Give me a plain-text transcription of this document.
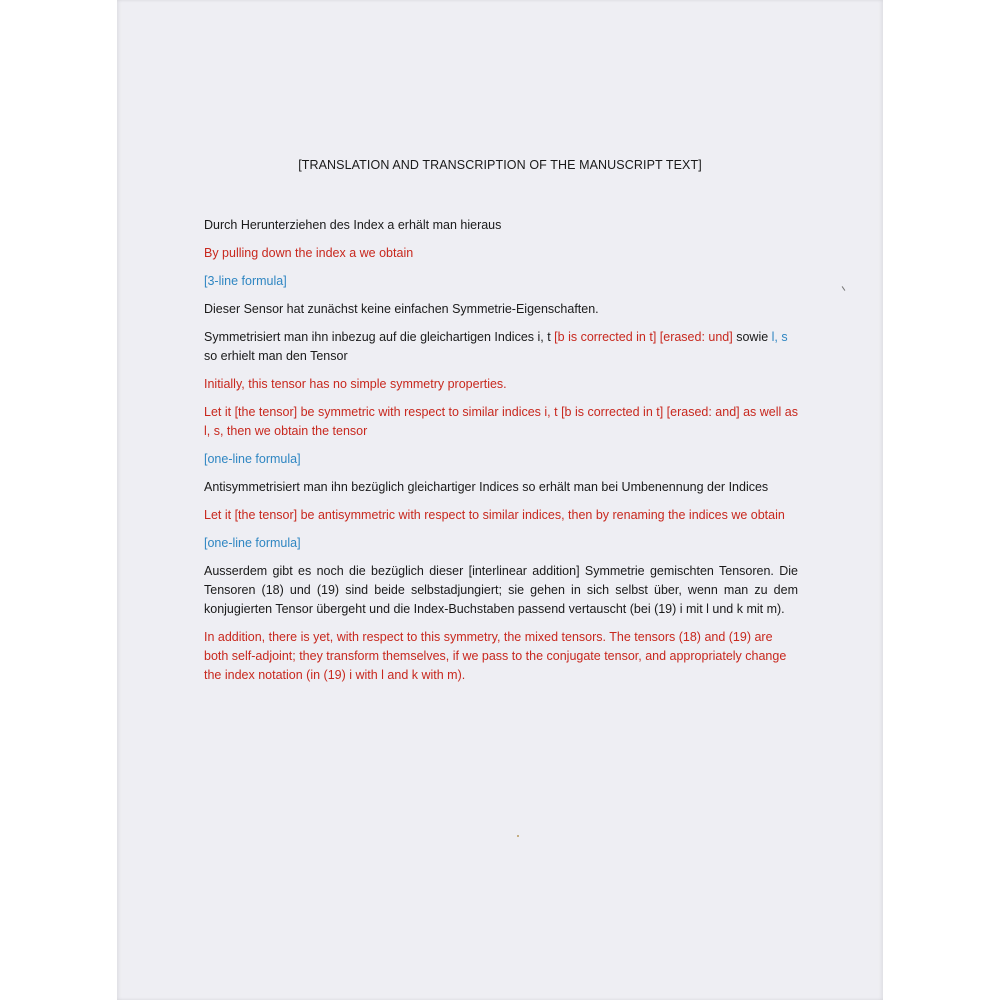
[TRANSLATION AND TRANSCRIPTION OF THE MANUSCRIPT TEXT]

Durch Herunterziehen des Index a erhält man hieraus

By pulling down the index a we obtain

[3-line formula]

Dieser Sensor hat zunächst keine einfachen Symmetrie-Eigenschaften.

Symmetrisiert man ihn inbezug auf die gleichartigen Indices i, t [b is corrected in t] [erased: und] sowie l, s so erhielt man den Tensor

Initially, this tensor has no simple symmetry properties.

Let it [the tensor] be symmetric with respect to similar indices i, t [b is corrected in t] [erased: and] as well as l, s, then we obtain the tensor

[one-line formula]

Antisymmetrisiert man ihn bezüglich gleichartiger Indices so erhält man bei Umbenennung der Indices

Let it [the tensor] be antisymmetric with respect to similar indices, then by renaming the indices we obtain

[one-line formula]

Ausserdem gibt es noch die bezüglich dieser [interlinear addition] Symmetrie gemischten Tensoren. Die Tensoren (18) und (19) sind beide selbstadjungiert; sie gehen in sich selbst über, wenn man zu dem konjugierten Tensor übergeht und die Index-Buchstaben passend vertauscht (bei (19) i mit l und k mit m).

In addition, there is yet, with respect to this symmetry, the mixed tensors. The tensors (18) and (19) are both self-adjoint; they transform themselves, if we pass to the conjugate tensor, and appropriately change the index notation (in (19) i with l and k with m).
